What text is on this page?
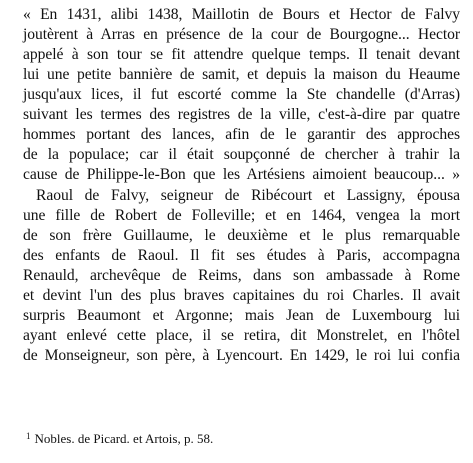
« En 1431, alibi 1438, Maillotin de Bours et Hector de Falvy
joutèrent à Arras en présence de la cour de Bourgogne... Hector
appelé à son tour se fit attendre quelque temps. Il tenait devant
lui une petite bannière de samit, et depuis la maison du Heaume
jusqu'aux lices, il fut escorté comme la Ste chandelle (d'Arras)
suivant les termes des registres de la ville, c'est-à-dire par quatre
hommes portant des lances, afin de le garantir des approches
de la populace; car il était soupçonné de chercher à trahir la
cause de Philippe-le-Bon que les Artésiens aimoient beaucoup... »
Raoul de Falvy, seigneur de Ribécourt et Lassigny, épousa
une fille de Robert de Folleville; et en 1464, vengea la mort
de son frère Guillaume, le deuxième et le plus remarquable
des enfants de Raoul. Il fit ses études à Paris, accompagna
Renauld, archevêque de Reims, dans son ambassade à Rome
et devint l'un des plus braves capitaines du roi Charles. Il avait
surpris Beaumont et Argonne; mais Jean de Luxembourg lui
ayant enlevé cette place, il se retira, dit Monstrelet, en l'hôtel
de Monseigneur, son père, à Lyencourt. En 1429, le roi lui confia
$^1$ Nobles. de Picard. et Artois, p. 58.
